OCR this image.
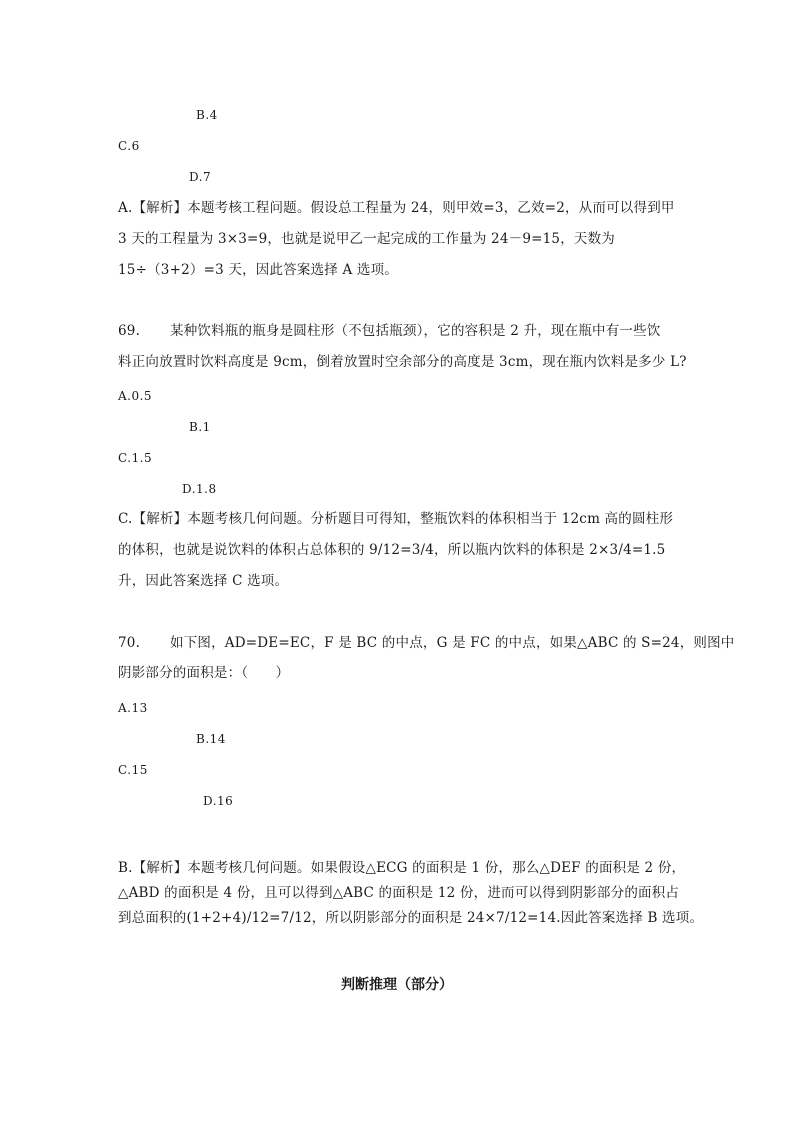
B.4
C.6
D.7
A.【解析】本题考核工程问题。假设总工程量为 24，则甲效=3，乙效=2，从而可以得到甲
3 天的工程量为 3×3=9，也就是说甲乙一起完成的工作量为 24－9=15，天数为
15÷（3+2）=3 天，因此答案选择 A 选项。
69. 某种饮料瓶的瓶身是圆柱形（不包括瓶颈），它的容积是 2 升，现在瓶中有一些饮
料正向放置时饮料高度是 9cm，倒着放置时空余部分的高度是 3cm，现在瓶内饮料是多少 L?
A.0.5
B.1
C.1.5
D.1.8
C.【解析】本题考核几何问题。分析题目可得知，整瓶饮料的体积相当于 12cm 高的圆柱形
的体积，也就是说饮料的体积占总体积的 9/12=3/4，所以瓶内饮料的体积是 2×3/4=1.5
升，因此答案选择 C 选项。
70. 如下图，AD=DE=EC，F 是 BC 的中点，G 是 FC 的中点，如果△ABC 的 S=24，则图中
阴影部分的面积是：（　　）
A.13
B.14
C.15
D.16
B.【解析】本题考核几何问题。如果假设△ECG 的面积是 1 份，那么△DEF 的面积是 2 份，
△ABD 的面积是 4 份，且可以得到△ABC 的面积是 12 份，进而可以得到阴影部分的面积占
到总面积的(1+2+4)/12=7/12，所以阴影部分的面积是 24×7/12=14.因此答案选择 B 选项。
判断推理（部分）
